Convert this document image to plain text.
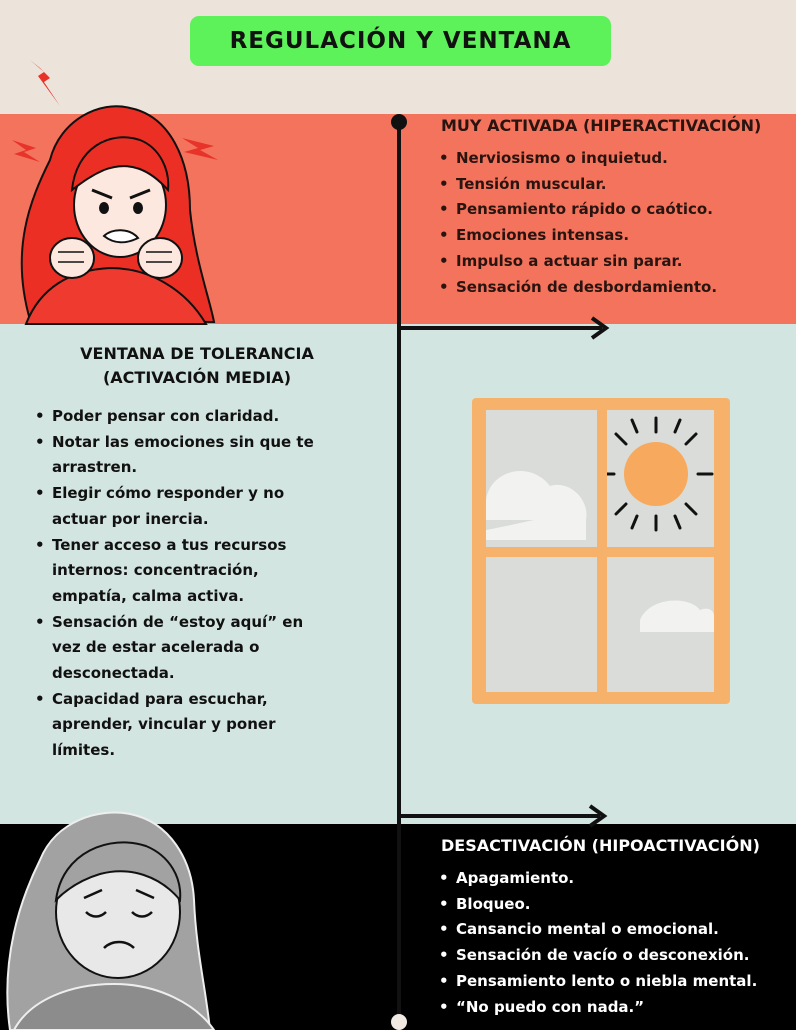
REGULACIÓN Y VENTANA
MUY ACTIVADA (HIPERACTIVACIÓN)
• Nerviosismo o inquietud.
• Tensión muscular.
• Pensamiento rápido o caótico.
• Emociones intensas.
• Impulso a actuar sin parar.
• Sensación de desbordamiento.
VENTANA DE TOLERANCIA
(ACTIVACIÓN MEDIA)
• Poder pensar con claridad.
• Notar las emociones sin que te arrastren.
• Elegir cómo responder y no actuar por inercia.
• Tener acceso a tus recursos internos: concentración, empatía, calma activa.
• Sensación de “estoy aquí” en vez de estar acelerada o desconectada.
• Capacidad para escuchar, aprender, vincular y poner límites.
DESACTIVACIÓN (HIPOACTIVACIÓN)
• Apagamiento.
• Bloqueo.
• Cansancio mental o emocional.
• Sensación de vacío o desconexión.
• Pensamiento lento o niebla mental.
• “No puedo con nada.”
